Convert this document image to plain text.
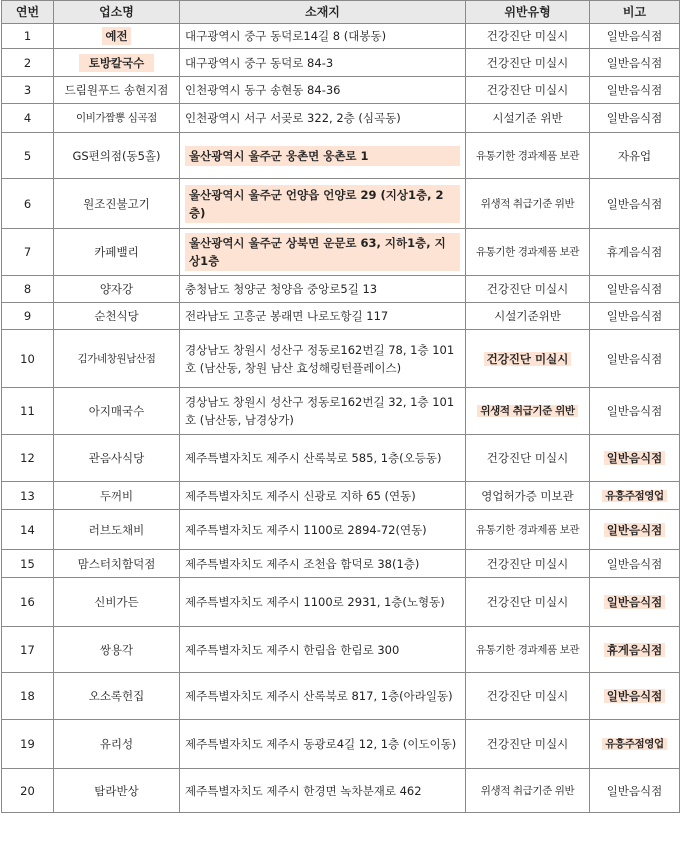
연번	업소명	소재지	위반유형	비고
1	예전	대구광역시 중구 동덕로14길 8 (대봉동)	건강진단 미실시	일반음식점
2	토방칼국수	대구광역시 중구 동덕로 84-3	건강진단 미실시	일반음식점
3	드림원푸드 송현지점	인천광역시 동구 송현동 84-36	건강진단 미실시	일반음식점
4	이비가짬뽕 심곡점	인천광역시 서구 서곶로 322, 2층 (심곡동)	시설기준 위반	일반음식점
5	GS편의점(동5홀)	울산광역시 울주군 웅촌면 웅촌로 1	유통기한 경과제품 보관	자유업
6	원조진불고기	울산광역시 울주군 언양읍 언양로 29 (지상1층, 2층)	위생적 취급기준 위반	일반음식점
7	카페밸리	울산광역시 울주군 상북면 운문로 63, 지하1층, 지상1층	유통기한 경과제품 보관	휴게음식점
8	양자강	충청남도 청양군 청양읍 중앙로5길 13	건강진단 미실시	일반음식점
9	순천식당	전라남도 고흥군 봉래면 나로도항길 117	시설기준위반	일반음식점
10	김가네창원남산점	경상남도 창원시 성산구 정동로162번길 78, 1층 101호 (남산동, 창원 남산 효성해링턴플레이스)	건강진단 미실시	일반음식점
11	아지매국수	경상남도 창원시 성산구 정동로162번길 32, 1층 101호 (남산동, 남경상가)	위생적 취급기준 위반	일반음식점
12	관음사식당	제주특별자치도 제주시 산록북로 585, 1층(오등동)	건강진단 미실시	일반음식점
13	두꺼비	제주특별자치도 제주시 신광로 지하 65 (연동)	영업허가증 미보관	유흥주점영업
14	러브도채비	제주특별자치도 제주시 1100로 2894-72(연동)	유통기한 경과제품 보관	일반음식점
15	맘스터치함덕점	제주특별자치도 제주시 조천읍 함덕로 38(1층)	건강진단 미실시	일반음식점
16	신비가든	제주특별자치도 제주시 1100로 2931, 1층(노형동)	건강진단 미실시	일반음식점
17	쌍용각	제주특별자치도 제주시 한림읍 한림로 300	유통기한 경과제품 보관	휴게음식점
18	오소록헌집	제주특별자치도 제주시 산록북로 817, 1층(아라일동)	건강진단 미실시	일반음식점
19	유리성	제주특별자치도 제주시 동광로4길 12, 1층 (이도이동)	건강진단 미실시	유흥주점영업
20	탐라반상	제주특별자치도 제주시 한경면 녹차분재로 462	위생적 취급기준 위반	일반음식점
